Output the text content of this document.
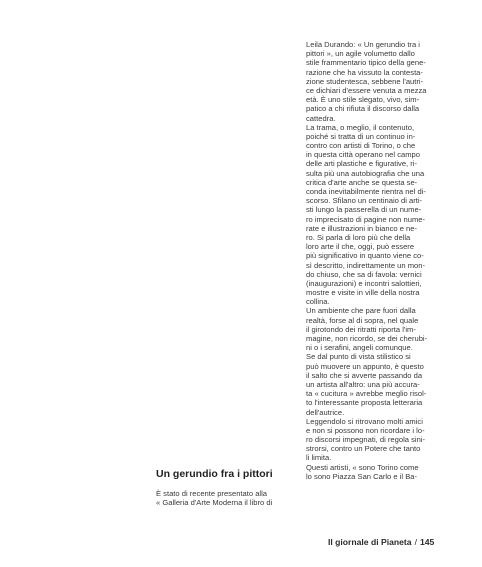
Leila Durando: « Un gerundio tra i
pittori », un agile volumetto dallo
stile frammentario tipico della gene-
razione che ha vissuto la contesta-
zione studentesca, sebbene l'autri-
ce dichiari d'essere venuta a mezza
età. È uno stile slegato, vivo, sim-
patico a chi rifiuta il discorso dalla
cattedra.
La trama, o meglio, il contenuto,
poiché si tratta di un continuo in-
contro con artisti di Torino, o che
in questa città operano nel campo
delle arti plastiche e figurative, ri-
sulta più una autobiografia che una
critica d'arte anche se questa se-
conda inevitabilmente rientra nel di-
scorso. Sfilano un centinaio di arti-
sti lungo la passerella di un nume-
ro imprecisato di pagine non nume-
rate e illustrazioni in bianco e ne-
ro. Si parla di loro più che della
loro arte il che, oggi, può essere
più significativo in quanto viene co-
sì descritto, indirettamente un mon-
do chiuso, che sa di favola: vernici
(inaugurazioni) e incontri salottieri,
mostre e visite in ville della nostra
collina.
Un ambiente che pare fuori dalla
realtà, forse al di sopra, nel quale
il girotondo dei ritratti riporta l'im-
magine, non ricordo, se dei cherubi-
ni o i serafini, angeli comunque.
Se dal punto di vista stilistico si
può muovere un appunto, è questo
il salto che si avverte passando da
un artista all'altro: una più accura-
ta « cucitura » avrebbe meglio risol-
to l'interessante proposta letteraria
dell'autrice.
Leggendolo si ritrovano molti amici
e non si possono non ricordare i lo-
ro discorsi impegnati, di regola sini-
strorsi, contro un Potere che tanto
li limita.
Questi artisti, « sono Torino come
lo sono Piazza San Carlo e il Ba-
Un gerundio fra i pittori
È stato di recente presentato alla
« Galleria d'Arte Moderna il libro di
Il giornale di Pianeta / 145
